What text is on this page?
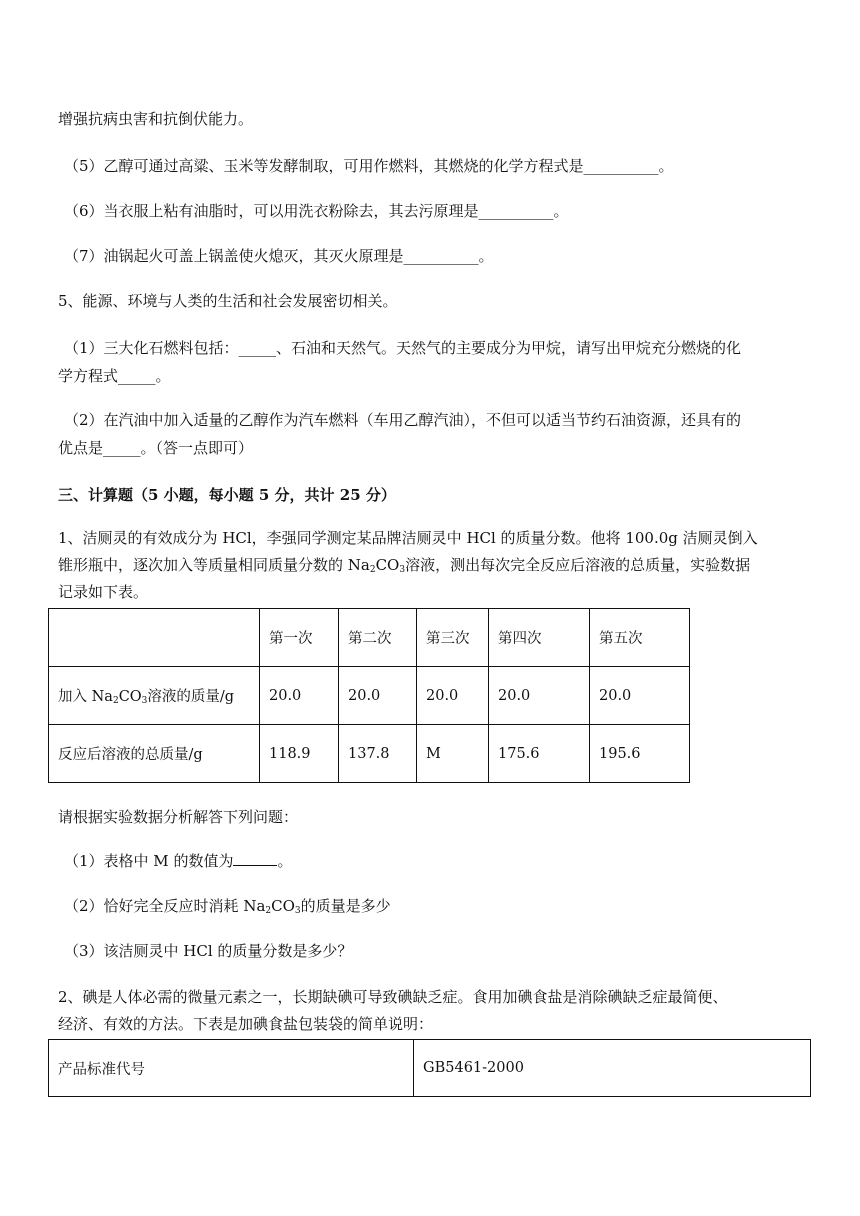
增强抗病虫害和抗倒伏能力。
（5）乙醇可通过高粱、玉米等发酵制取，可用作燃料，其燃烧的化学方程式是__________。
（6）当衣服上粘有油脂时，可以用洗衣粉除去，其去污原理是__________。
（7）油锅起火可盖上锅盖使火熄灭，其灭火原理是__________。
5、能源、环境与人类的生活和社会发展密切相关。
（1）三大化石燃料包括：_____、石油和天然气。天然气的主要成分为甲烷，请写出甲烷充分燃烧的化
学方程式_____。
（2）在汽油中加入适量的乙醇作为汽车燃料（车用乙醇汽油），不但可以适当节约石油资源，还具有的
优点是_____。（答一点即可）
三、计算题（5 小题，每小题 5 分，共计 25 分）
1、洁厕灵的有效成分为 HCl，李强同学测定某品牌洁厕灵中 HCl 的质量分数。他将 100.0g 洁厕灵倒入
锥形瓶中，逐次加入等质量相同质量分数的 $Na_2CO_3$溶液，测出每次完全反应后溶液的总质量，实验数据
记录如下表。
	第一次	第二次	第三次	第四次	第五次
加入 $Na_2CO_3$溶液的质量/g	20.0	20.0	20.0	20.0	20.0
反应后溶液的总质量/g	118.9	137.8	M	175.6	195.6
请根据实验数据分析解答下列问题：
（1）表格中 M 的数值为	。
（2）恰好完全反应时消耗 $Na_2CO_3$的质量是多少
（3）该洁厕灵中 HCl 的质量分数是多少？
2、碘是人体必需的微量元素之一，长期缺碘可导致碘缺乏症。食用加碘食盐是消除碘缺乏症最简便、
经济、有效的方法。下表是加碘食盐包装袋的简单说明：
产品标准代号	GB5461-2000
